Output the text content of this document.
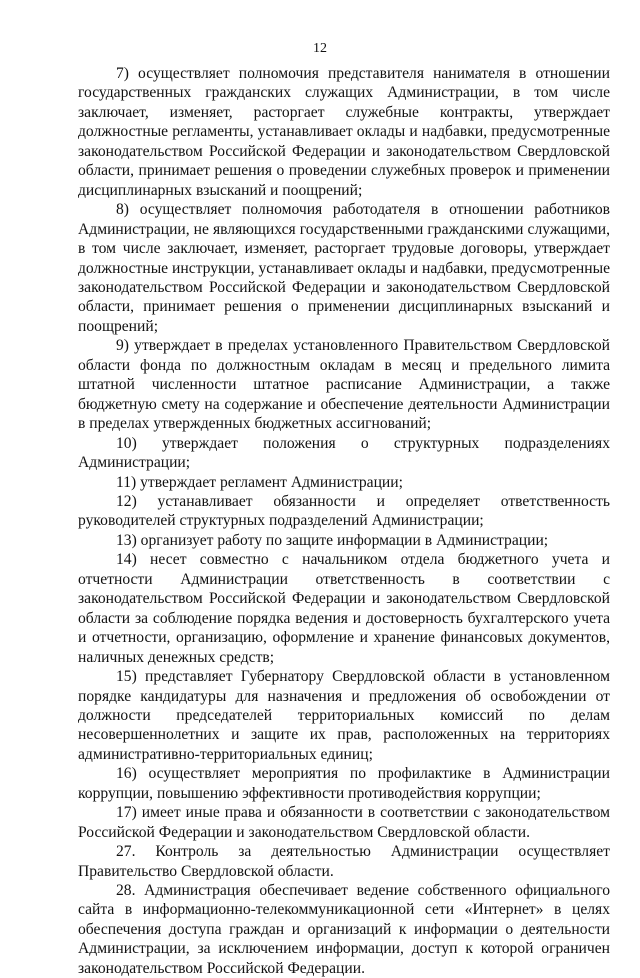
12

7) осуществляет полномочия представителя нанимателя в отношении государственных гражданских служащих Администрации, в том числе заключает, изменяет, расторгает служебные контракты, утверждает должностные регламенты, устанавливает оклады и надбавки, предусмотренные законодательством Российской Федерации и законодательством Свердловской области, принимает решения о проведении служебных проверок и применении дисциплинарных взысканий и поощрений;

8) осуществляет полномочия работодателя в отношении работников Администрации, не являющихся государственными гражданскими служащими, в том числе заключает, изменяет, расторгает трудовые договоры, утверждает должностные инструкции, устанавливает оклады и надбавки, предусмотренные законодательством Российской Федерации и законодательством Свердловской области, принимает решения о применении дисциплинарных взысканий и поощрений;

9) утверждает в пределах установленного Правительством Свердловской области фонда по должностным окладам в месяц и предельного лимита штатной численности штатное расписание Администрации, а также бюджетную смету на содержание и обеспечение деятельности Администрации в пределах утвержденных бюджетных ассигнований;

10) утверждает положения о структурных подразделениях Администрации;

11) утверждает регламент Администрации;

12) устанавливает обязанности и определяет ответственность руководителей структурных подразделений Администрации;

13) организует работу по защите информации в Администрации;

14) несет совместно с начальником отдела бюджетного учета и отчетности Администрации ответственность в соответствии с законодательством Российской Федерации и законодательством Свердловской области за соблюдение порядка ведения и достоверность бухгалтерского учета и отчетности, организацию, оформление и хранение финансовых документов, наличных денежных средств;

15) представляет Губернатору Свердловской области в установленном порядке кандидатуры для назначения и предложения об освобождении от должности председателей территориальных комиссий по делам несовершеннолетних и защите их прав, расположенных на территориях административно-территориальных единиц;

16) осуществляет мероприятия по профилактике в Администрации коррупции, повышению эффективности противодействия коррупции;

17) имеет иные права и обязанности в соответствии с законодательством Российской Федерации и законодательством Свердловской области.

27. Контроль за деятельностью Администрации осуществляет Правительство Свердловской области.

28. Администрация обеспечивает ведение собственного официального сайта в информационно-телекоммуникационной сети «Интернет» в целях обеспечения доступа граждан и организаций к информации о деятельности Администрации, за исключением информации, доступ к которой ограничен законодательством Российской Федерации.
